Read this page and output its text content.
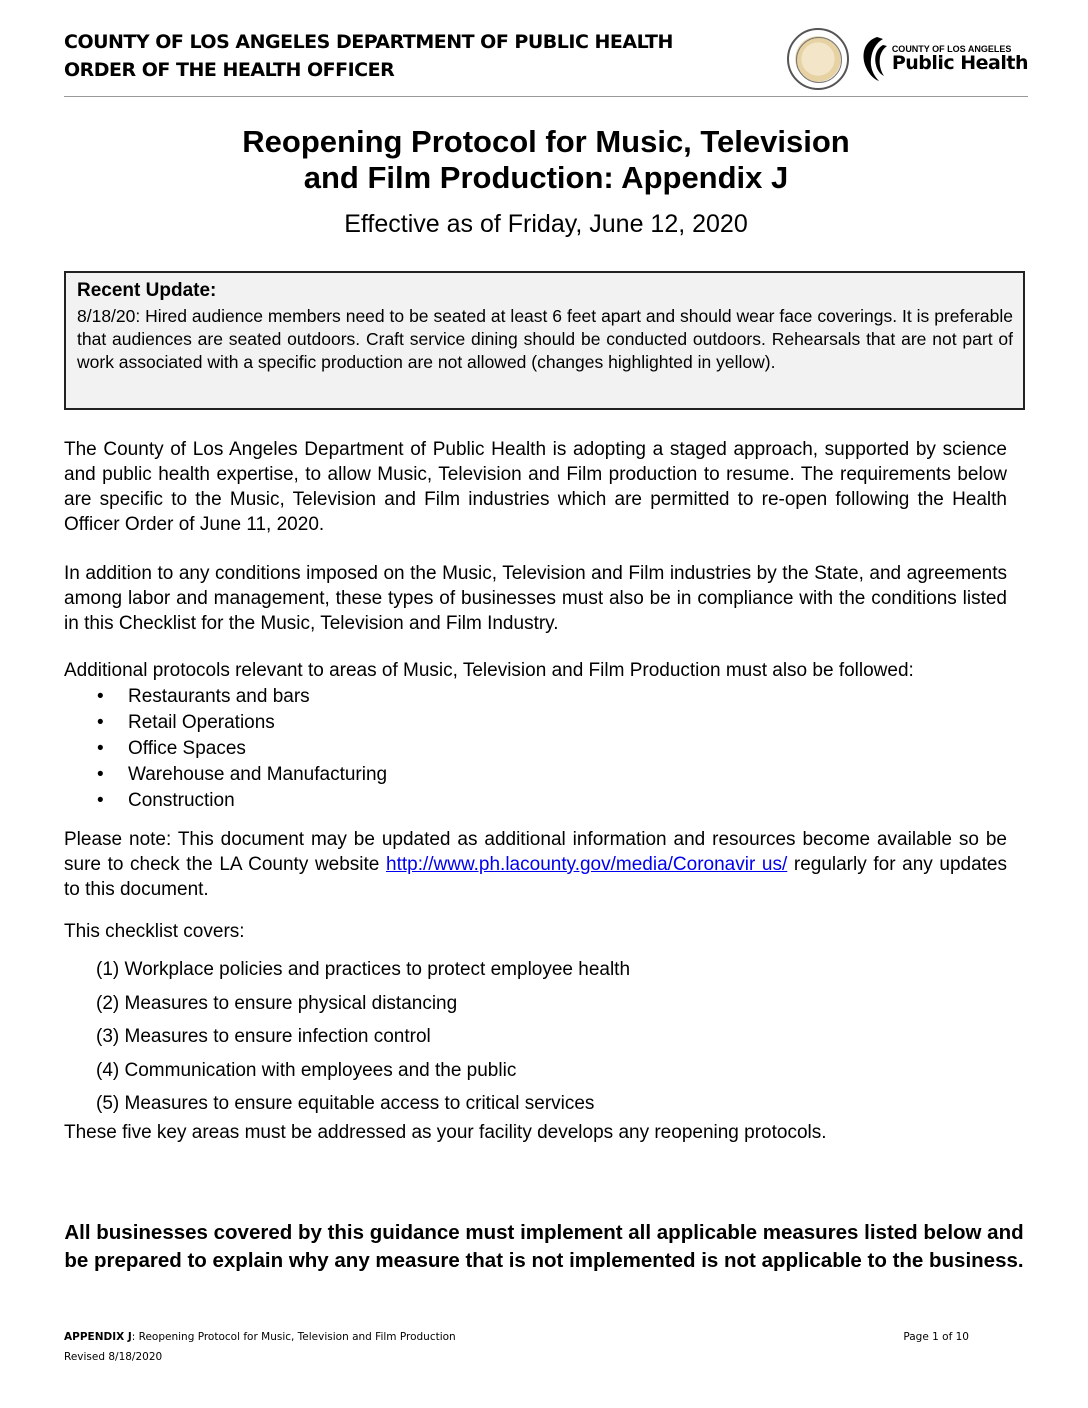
COUNTY OF LOS ANGELES DEPARTMENT OF PUBLIC HEALTH
ORDER OF THE HEALTH OFFICER
COUNTY OF LOS ANGELES
Public Health
Reopening Protocol for Music, Television
and Film Production: Appendix J
Effective as of Friday, June 12, 2020
Recent Update:
8/18/20: Hired audience members need to be seated at least 6 feet apart and should wear face coverings. It is preferable that audiences are seated outdoors. Craft service dining should be conducted outdoors. Rehearsals that are not part of work associated with a specific production are not allowed (changes highlighted in yellow).
The County of Los Angeles Department of Public Health is adopting a staged approach, supported by science and public health expertise, to allow Music, Television and Film production to resume. The requirements below are specific to the Music, Television and Film industries which are permitted to re-open following the Health Officer Order of June 11, 2020.
In addition to any conditions imposed on the Music, Television and Film industries by the State, and agreements among labor and management, these types of businesses must also be in compliance with the conditions listed in this Checklist for the Music, Television and Film Industry.
Additional protocols relevant to areas of Music, Television and Film Production must also be followed:
• Restaurants and bars
• Retail Operations
• Office Spaces
• Warehouse and Manufacturing
• Construction
Please note: This document may be updated as additional information and resources become available so be sure to check the LA County website http://www.ph.lacounty.gov/media/Coronavir us/ regularly for any updates to this document.
This checklist covers:
(1) Workplace policies and practices to protect employee health
(2) Measures to ensure physical distancing
(3) Measures to ensure infection control
(4) Communication with employees and the public
(5) Measures to ensure equitable access to critical services
These five key areas must be addressed as your facility develops any reopening protocols.
All businesses covered by this guidance must implement all applicable measures listed below and be prepared to explain why any measure that is not implemented is not applicable to the business.
APPENDIX J: Reopening Protocol for Music, Television and Film Production	Page 1 of 10
Revised 8/18/2020
